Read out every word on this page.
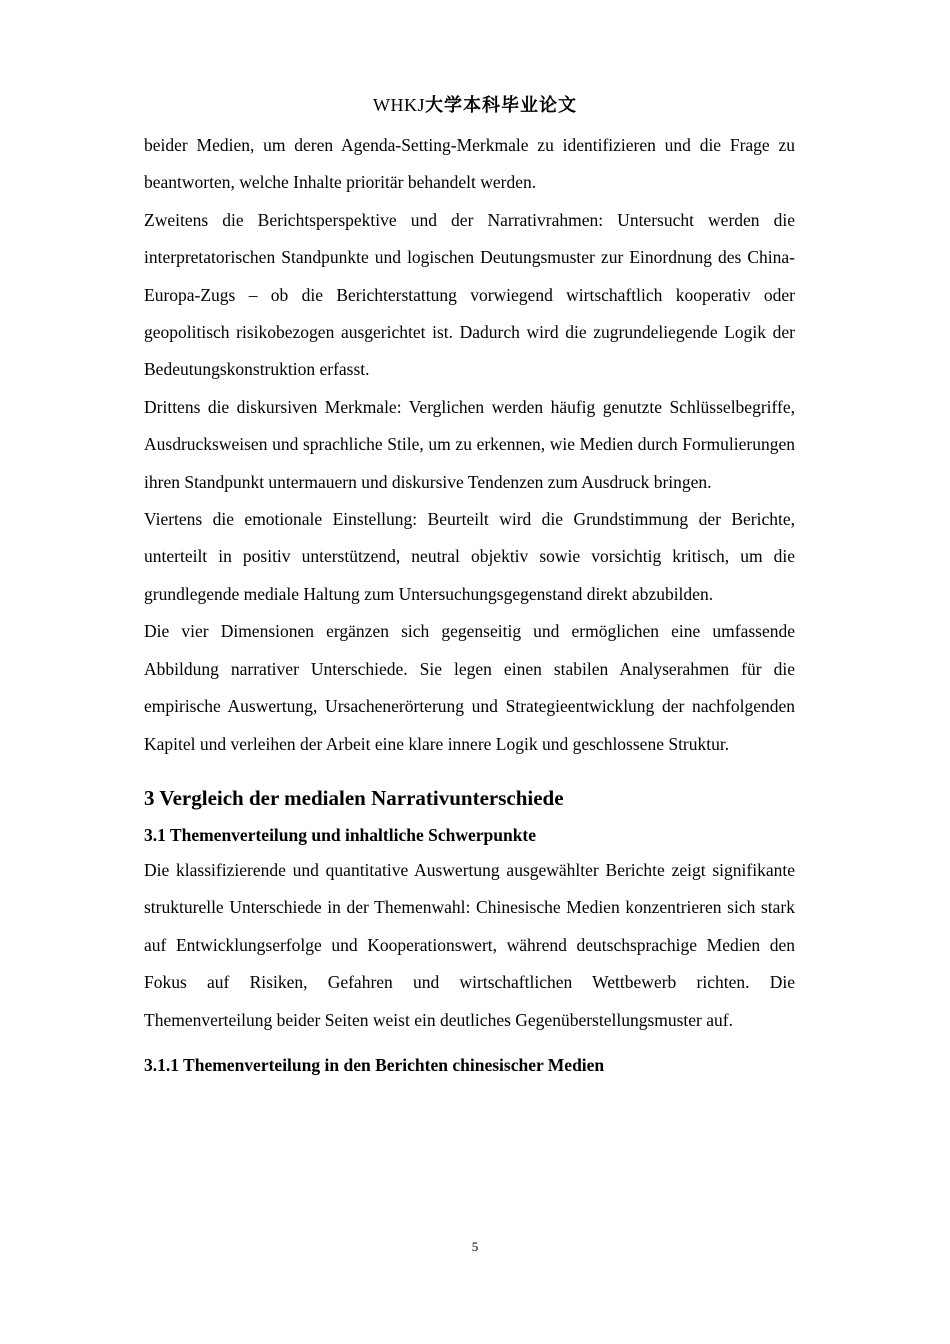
WHKJ大学本科毕业论文

beider Medien, um deren Agenda-Setting-Merkmale zu identifizieren und die Frage zu beantworten, welche Inhalte prioritär behandelt werden.

Zweitens die Berichtsperspektive und der Narrativrahmen: Untersucht werden die interpretatorischen Standpunkte und logischen Deutungsmuster zur Einordnung des China-Europa-Zugs – ob die Berichterstattung vorwiegend wirtschaftlich kooperativ oder geopolitisch risikobezogen ausgerichtet ist. Dadurch wird die zugrundeliegende Logik der Bedeutungskonstruktion erfasst.

Drittens die diskursiven Merkmale: Verglichen werden häufig genutzte Schlüsselbegriffe, Ausdrucksweisen und sprachliche Stile, um zu erkennen, wie Medien durch Formulierungen ihren Standpunkt untermauern und diskursive Tendenzen zum Ausdruck bringen.

Viertens die emotionale Einstellung: Beurteilt wird die Grundstimmung der Berichte, unterteilt in positiv unterstützend, neutral objektiv sowie vorsichtig kritisch, um die grundlegende mediale Haltung zum Untersuchungsgegenstand direkt abzubilden.

Die vier Dimensionen ergänzen sich gegenseitig und ermöglichen eine umfassende Abbildung narrativer Unterschiede. Sie legen einen stabilen Analyserahmen für die empirische Auswertung, Ursachenerörterung und Strategieentwicklung der nachfolgenden Kapitel und verleihen der Arbeit eine klare innere Logik und geschlossene Struktur.

3 Vergleich der medialen Narrativunterschiede
3.1 Themenverteilung und inhaltliche Schwerpunkte

Die klassifizierende und quantitative Auswertung ausgewählter Berichte zeigt signifikante strukturelle Unterschiede in der Themenwahl: Chinesische Medien konzentrieren sich stark auf Entwicklungserfolge und Kooperationswert, während deutschsprachige Medien den Fokus auf Risiken, Gefahren und wirtschaftlichen Wettbewerb richten. Die Themenverteilung beider Seiten weist ein deutliches Gegenüberstellungsmuster auf.

3.1.1 Themenverteilung in den Berichten chinesischer Medien
5
